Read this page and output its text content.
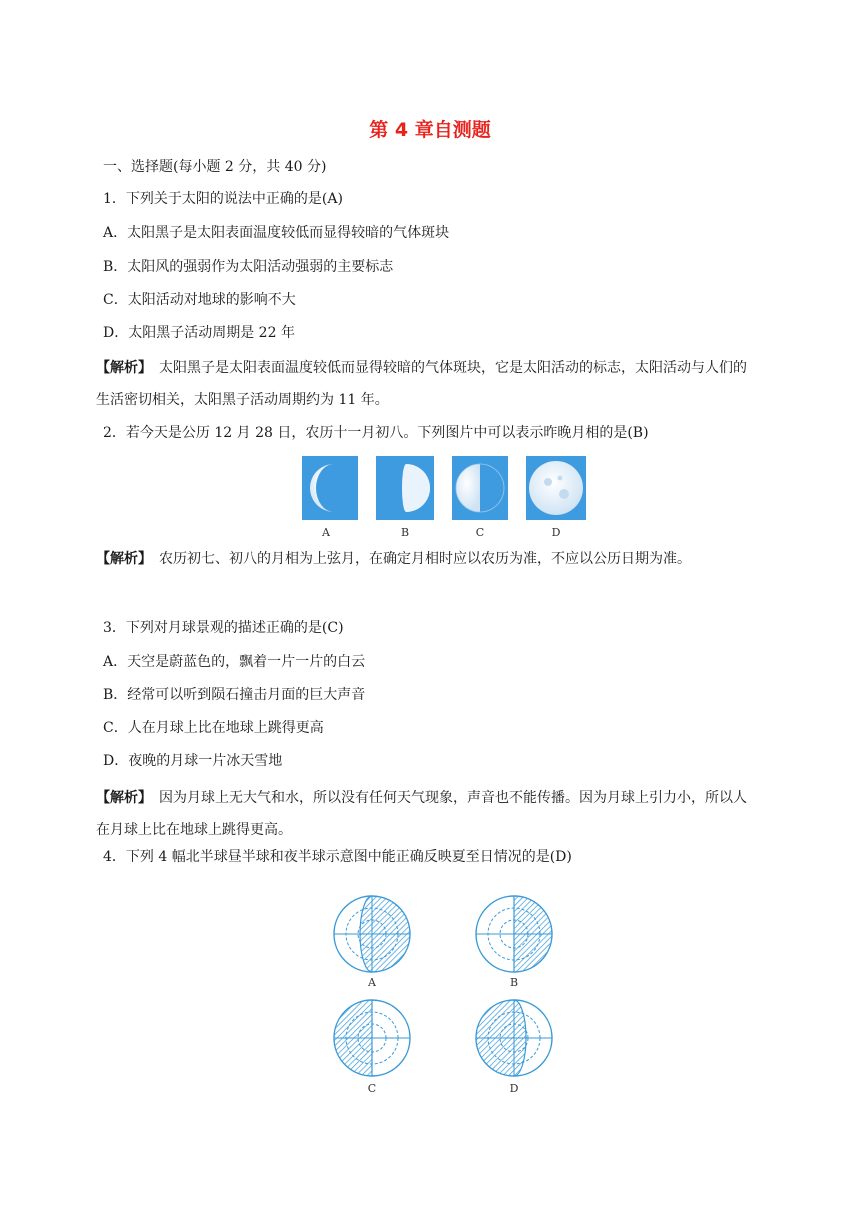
第 4 章自测题
一、选择题(每小题 2 分，共 40 分)
1．下列关于太阳的说法中正确的是(A)
A．太阳黑子是太阳表面温度较低而显得较暗的气体斑块
B．太阳风的强弱作为太阳活动强弱的主要标志
C．太阳活动对地球的影响不大
D．太阳黑子活动周期是 22 年
【解析】　太阳黑子是太阳表面温度较低而显得较暗的气体斑块，它是太阳活动的标志，太阳活动与人们的生活密切相关，太阳黑子活动周期约为 11 年。
2．若今天是公历 12 月 28 日，农历十一月初八。下列图片中可以表示昨晚月相的是(B)
A	B	C	D
【解析】　农历初七、初八的月相为上弦月，在确定月相时应以农历为准，不应以公历日期为准。
3．下列对月球景观的描述正确的是(C)
A．天空是蔚蓝色的，飘着一片一片的白云
B．经常可以听到陨石撞击月面的巨大声音
C．人在月球上比在地球上跳得更高
D．夜晚的月球一片冰天雪地
【解析】　因为月球上无大气和水，所以没有任何天气现象，声音也不能传播。因为月球上引力小，所以人在月球上比在地球上跳得更高。
4．下列 4 幅北半球昼半球和夜半球示意图中能正确反映夏至日情况的是(D)
A	B
C	D
